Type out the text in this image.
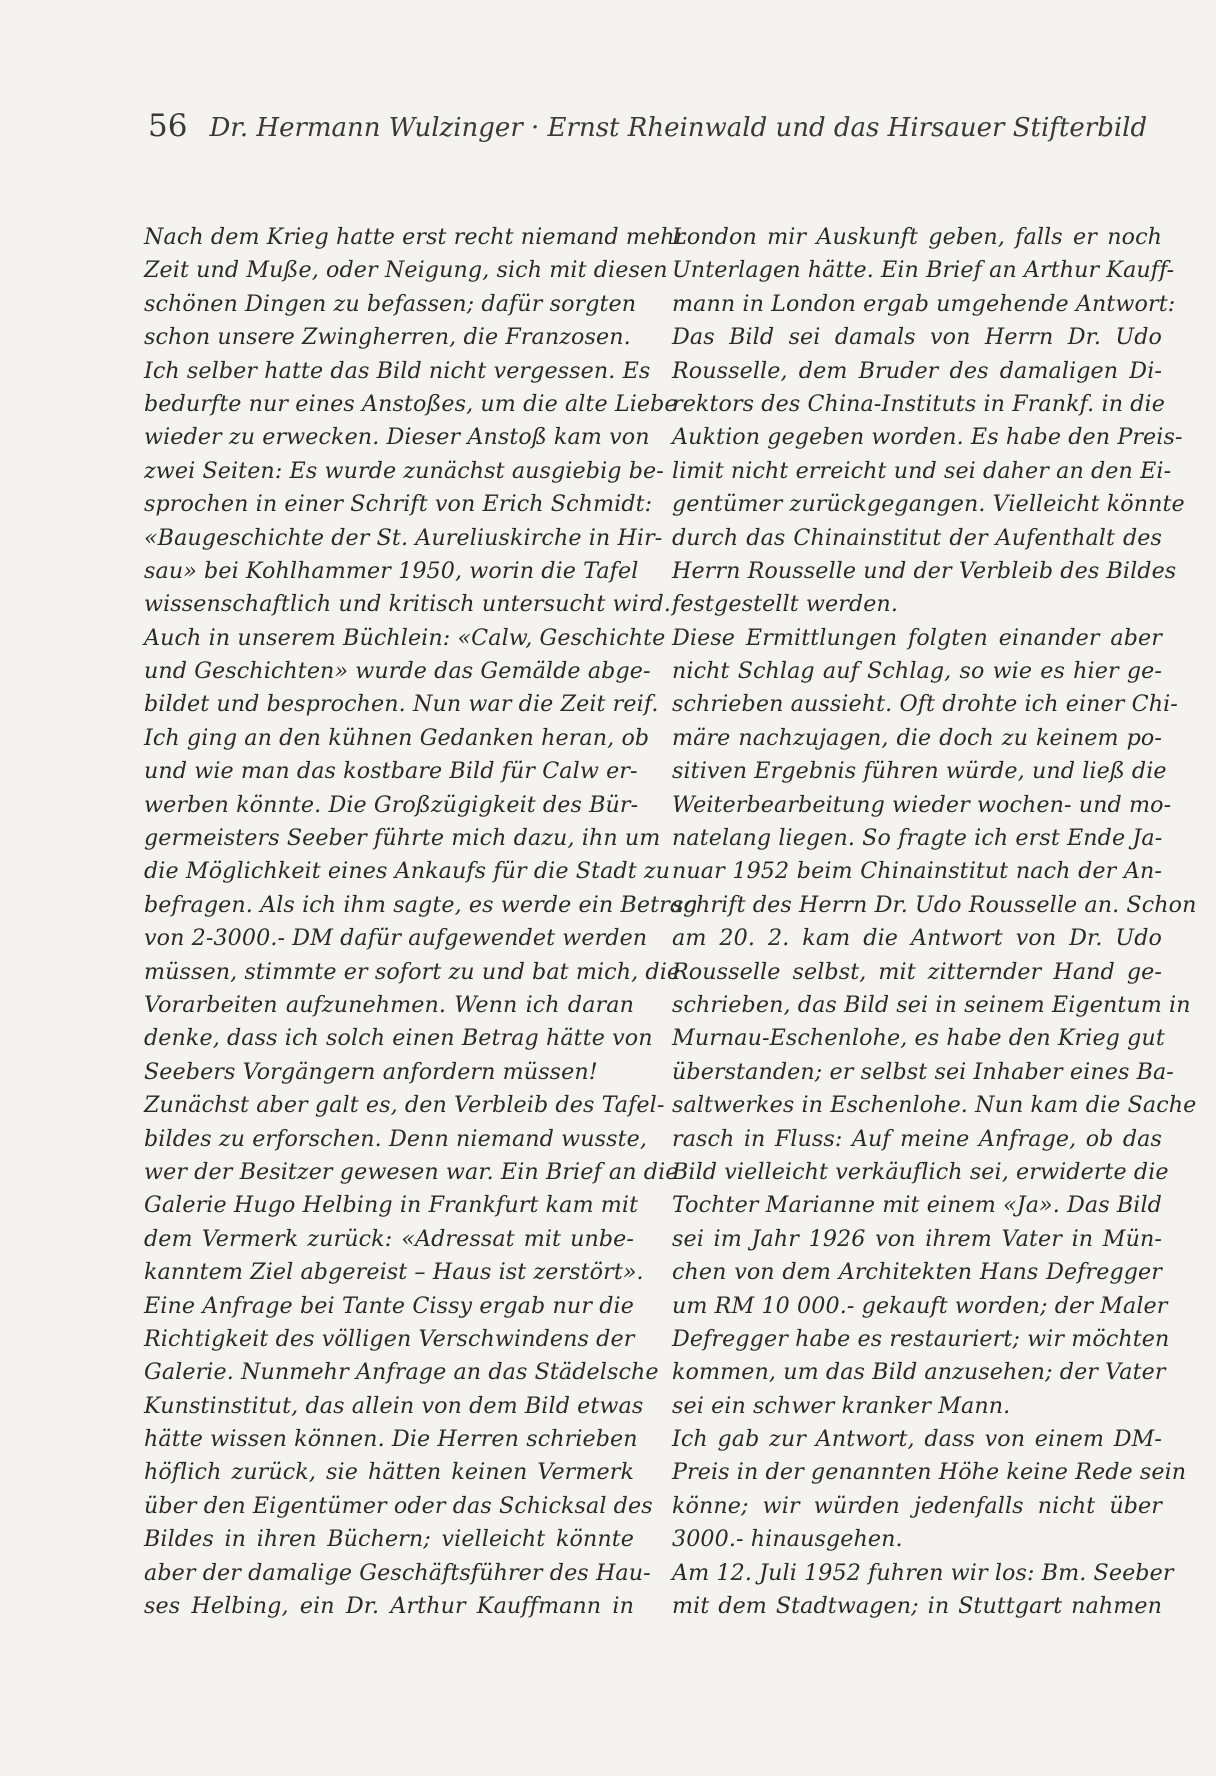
56 Dr. Hermann Wulzinger · Ernst Rheinwald und das Hirsauer Stifterbild
Nach dem Krieg hatte erst recht niemand mehr
Zeit und Muße, oder Neigung, sich mit diesen
schönen Dingen zu befassen; dafür sorgten
schon unsere Zwingherren, die Franzosen.
Ich selber hatte das Bild nicht vergessen. Es
bedurfte nur eines Anstoßes, um die alte Liebe
wieder zu erwecken. Dieser Anstoß kam von
zwei Seiten: Es wurde zunächst ausgiebig be-
sprochen in einer Schrift von Erich Schmidt:
«Baugeschichte der St. Aureliuskirche in Hir-
sau» bei Kohlhammer 1950, worin die Tafel
wissenschaftlich und kritisch untersucht wird.
Auch in unserem Büchlein: «Calw, Geschichte
und Geschichten» wurde das Gemälde abge-
bildet und besprochen. Nun war die Zeit reif.
Ich ging an den kühnen Gedanken heran, ob
und wie man das kostbare Bild für Calw er-
werben könnte. Die Großzügigkeit des Bür-
germeisters Seeber führte mich dazu, ihn um
die Möglichkeit eines Ankaufs für die Stadt zu
befragen. Als ich ihm sagte, es werde ein Betrag
von 2-3000.- DM dafür aufgewendet werden
müssen, stimmte er sofort zu und bat mich, die
Vorarbeiten aufzunehmen. Wenn ich daran
denke, dass ich solch einen Betrag hätte von
Seebers Vorgängern anfordern müssen!
Zunächst aber galt es, den Verbleib des Tafel-
bildes zu erforschen. Denn niemand wusste,
wer der Besitzer gewesen war. Ein Brief an die
Galerie Hugo Helbing in Frankfurt kam mit
dem Vermerk zurück: «Adressat mit unbe-
kanntem Ziel abgereist – Haus ist zerstört».
Eine Anfrage bei Tante Cissy ergab nur die
Richtigkeit des völligen Verschwindens der
Galerie. Nunmehr Anfrage an das Städelsche
Kunstinstitut, das allein von dem Bild etwas
hätte wissen können. Die Herren schrieben
höflich zurück, sie hätten keinen Vermerk
über den Eigentümer oder das Schicksal des
Bildes in ihren Büchern; vielleicht könnte
aber der damalige Geschäftsführer des Hau-
ses Helbing, ein Dr. Arthur Kauffmann in
London mir Auskunft geben, falls er noch
Unterlagen hätte. Ein Brief an Arthur Kauff-
mann in London ergab umgehende Antwort:
Das Bild sei damals von Herrn Dr. Udo
Rousselle, dem Bruder des damaligen Di-
rektors des China-Instituts in Frankf. in die
Auktion gegeben worden. Es habe den Preis-
limit nicht erreicht und sei daher an den Ei-
gentümer zurückgegangen. Vielleicht könnte
durch das Chinainstitut der Aufenthalt des
Herrn Rousselle und der Verbleib des Bildes
festgestellt werden.
Diese Ermittlungen folgten einander aber
nicht Schlag auf Schlag, so wie es hier ge-
schrieben aussieht. Oft drohte ich einer Chi-
märe nachzujagen, die doch zu keinem po-
sitiven Ergebnis führen würde, und ließ die
Weiterbearbeitung wieder wochen- und mo-
natelang liegen. So fragte ich erst Ende Ja-
nuar 1952 beim Chinainstitut nach der An-
schrift des Herrn Dr. Udo Rousselle an. Schon
am 20. 2. kam die Antwort von Dr. Udo
Rousselle selbst, mit zitternder Hand ge-
schrieben, das Bild sei in seinem Eigentum in
Murnau-Eschenlohe, es habe den Krieg gut
überstanden; er selbst sei Inhaber eines Ba-
saltwerkes in Eschenlohe. Nun kam die Sache
rasch in Fluss: Auf meine Anfrage, ob das
Bild vielleicht verkäuflich sei, erwiderte die
Tochter Marianne mit einem «Ja». Das Bild
sei im Jahr 1926 von ihrem Vater in Mün-
chen von dem Architekten Hans Defregger
um RM 10 000.- gekauft worden; der Maler
Defregger habe es restauriert; wir möchten
kommen, um das Bild anzusehen; der Vater
sei ein schwer kranker Mann.
Ich gab zur Antwort, dass von einem DM-
Preis in der genannten Höhe keine Rede sein
könne; wir würden jedenfalls nicht über
3000.- hinausgehen.
Am 12. Juli 1952 fuhren wir los: Bm. Seeber
mit dem Stadtwagen; in Stuttgart nahmen
